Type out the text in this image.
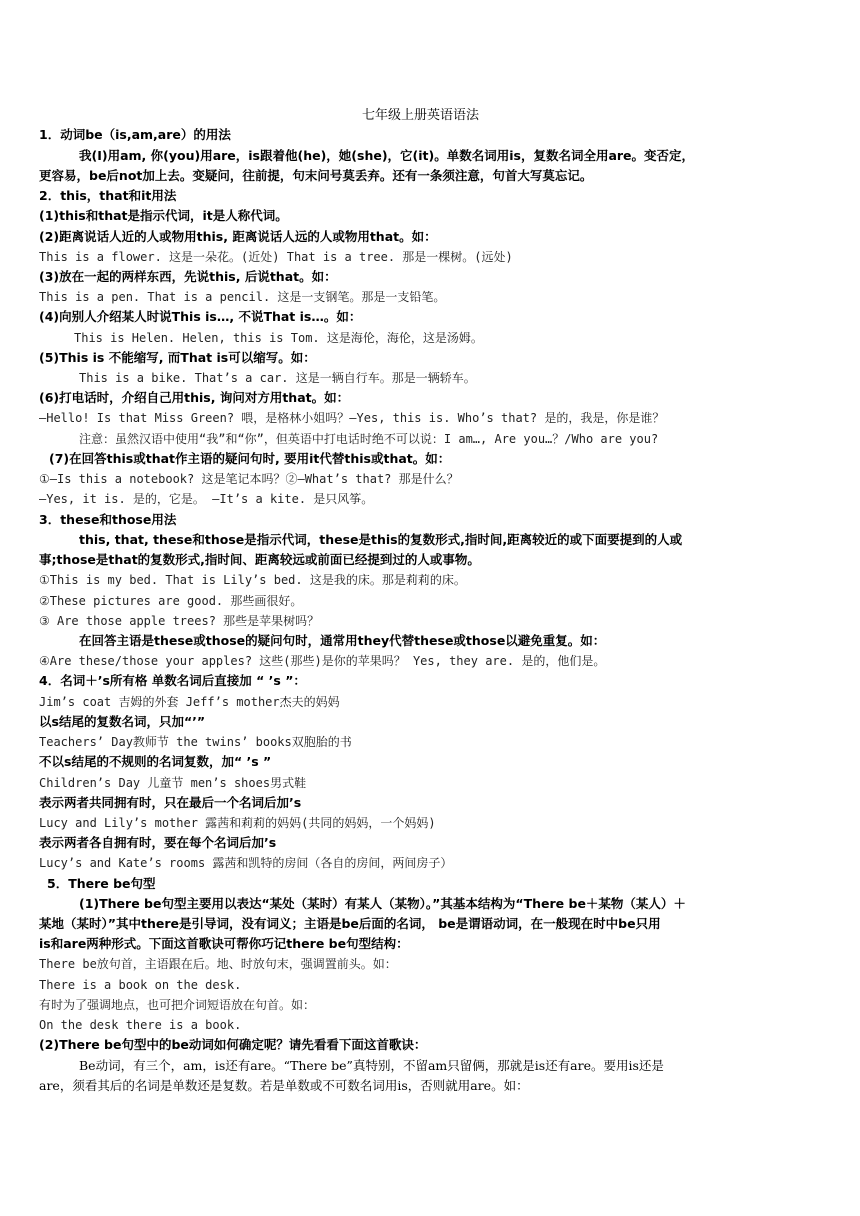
七年级上册英语语法
1．动词be（is,am,are）的用法
我(I)用am, 你(you)用are，is跟着他(he)，她(she)，它(it)。单数名词用is，复数名词全用are。变否定，
更容易，be后not加上去。变疑问，往前提，句末问号莫丢弃。还有一条须注意，句首大写莫忘记。
2．this，that和it用法
(1)this和that是指示代词，it是人称代词。
(2)距离说话人近的人或物用this, 距离说话人远的人或物用that。如：
This is a flower. 这是一朵花。(近处) That is a tree. 那是一棵树。(远处)
(3)放在一起的两样东西，先说this, 后说that。如：
This is a pen. That is a pencil. 这是一支钢笔。那是一支铅笔。
(4)向别人介绍某人时说This is…, 不说That is…。如：
This is Helen. Helen, this is Tom. 这是海伦，海伦，这是汤姆。
(5)This is 不能缩写, 而That is可以缩写。如：
This is a bike. That’s a car. 这是一辆自行车。那是一辆轿车。
(6)打电话时，介绍自己用this, 询问对方用that。如：
—Hello! Is that Miss Green? 喂，是格林小姐吗？—Yes, this is. Who’s that? 是的，我是，你是谁？
注意：虽然汉语中使用“我”和“你”，但英语中打电话时绝不可以说：I am…, Are you…？/Who are you?
(7)在回答this或that作主语的疑问句时, 要用it代替this或that。如：
①—Is this a notebook? 这是笔记本吗？②—What’s that? 那是什么？
—Yes, it is. 是的，它是。 —It’s a kite. 是只风筝。
3．these和those用法
this, that, these和those是指示代词，these是this的复数形式,指时间,距离较近的或下面要提到的人或
事;those是that的复数形式,指时间、距离较远或前面已经提到过的人或事物。
①This is my bed. That is Lily’s bed. 这是我的床。那是莉莉的床。
②These pictures are good. 那些画很好。
③ Are those apple trees? 那些是苹果树吗？
在回答主语是these或those的疑问句时，通常用they代替these或those以避免重复。如：
④Are these/those your apples? 这些(那些)是你的苹果吗？ Yes, they are. 是的，他们是。
4．名词＋’s所有格 单数名词后直接加 “ ’s ”：
Jim’s coat 吉姆的外套 Jeff’s mother杰夫的妈妈
以s结尾的复数名词，只加“’”
Teachers’ Day教师节 the twins’ books双胞胎的书
不以s结尾的不规则的名词复数，加“ ’s ”
Children’s Day 儿童节 men’s shoes男式鞋
表示两者共同拥有时，只在最后一个名词后加’s
Lucy and Lily’s mother 露茜和莉莉的妈妈(共同的妈妈，一个妈妈)
表示两者各自拥有时，要在每个名词后加’s
Lucy’s and Kate’s rooms 露茜和凯特的房间（各自的房间，两间房子）
5．There be句型
(1)There be句型主要用以表达“某处（某时）有某人（某物）。”其基本结构为“There be＋某物（某人）＋
某地（某时）”其中there是引导词，没有词义；主语是be后面的名词， be是谓语动词，在一般现在时中be只用
is和are两种形式。下面这首歌诀可帮你巧记there be句型结构：
There be放句首，主语跟在后。地、时放句末，强调置前头。如：
There is a book on the desk.
有时为了强调地点，也可把介词短语放在句首。如：
On the desk there is a book.
(2)There be句型中的be动词如何确定呢？请先看看下面这首歌诀：
Be动词，有三个，am，is还有are。“There be”真特别，不留am只留俩，那就是is还有are。要用is还是
are，须看其后的名词是单数还是复数。若是单数或不可数名词用is，否则就用are。如：
